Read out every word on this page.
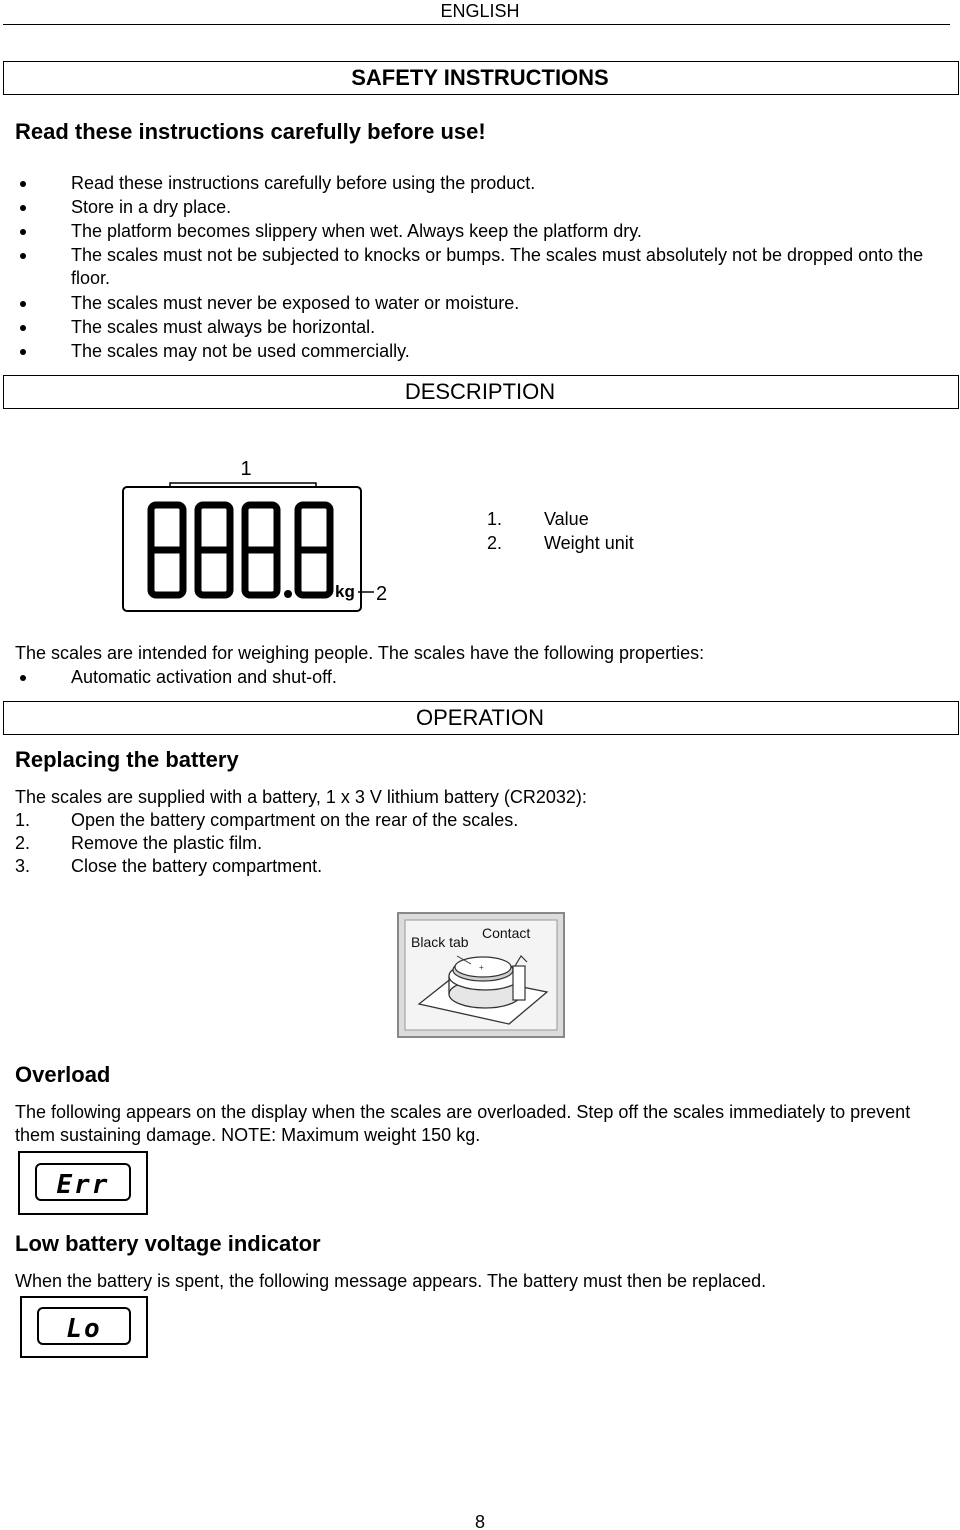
ENGLISH
SAFETY INSTRUCTIONS
Read these instructions carefully before use!
Read these instructions carefully before using the product.
Store in a dry place.
The platform becomes slippery when wet. Always keep the platform dry.
The scales must not be subjected to knocks or bumps. The scales must absolutely not be dropped onto the floor.
The scales must never be exposed to water or moisture.
The scales must always be horizontal.
The scales may not be used commercially.
DESCRIPTION
1
kg 2
1. Value
2. Weight unit
The scales are intended for weighing people. The scales have the following properties:
Automatic activation and shut-off.
OPERATION
Replacing the battery
The scales are supplied with a battery, 1 x 3 V lithium battery (CR2032):
1. Open the battery compartment on the rear of the scales.
2. Remove the plastic film.
3. Close the battery compartment.
+
Black tab
Contact
Overload
The following appears on the display when the scales are overloaded. Step off the scales immediately to prevent them sustaining damage. NOTE: Maximum weight 150 kg.
Err
Low battery voltage indicator
When the battery is spent, the following message appears. The battery must then be replaced.
Lo
8
